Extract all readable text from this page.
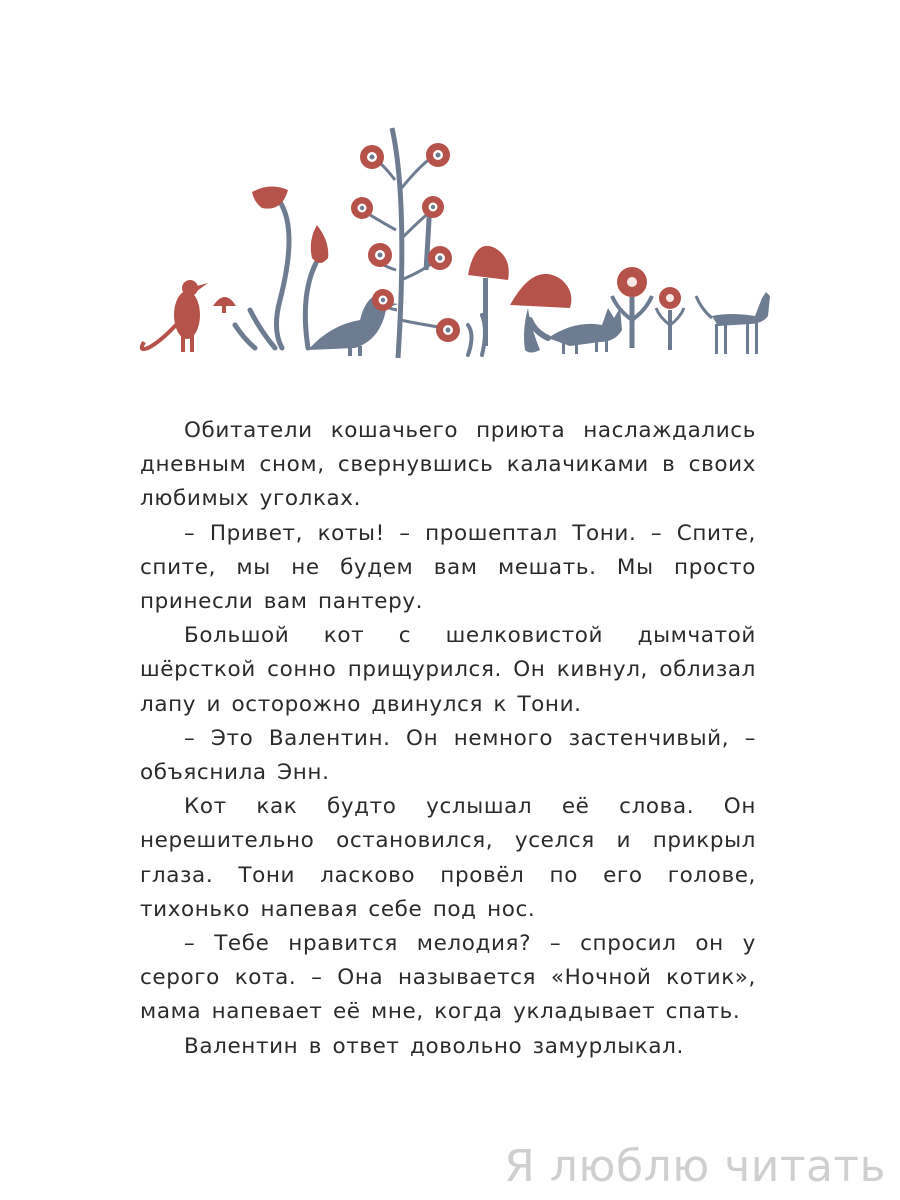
Обитатели кошачьего приюта наслаждались дневным сном, свернувшись калачиками в своих любимых уголках.

– Привет, коты! – прошептал Тони. – Спите, спите, мы не будем вам мешать. Мы просто принесли вам пантеру.

Большой кот с шелковистой дымчатой шёрсткой сонно прищурился. Он кивнул, облизал лапу и осторожно двинулся к Тони.

– Это Валентин. Он немного застенчивый, – объяснила Энн.

Кот как будто услышал её слова. Он нерешительно остановился, уселся и прикрыл глаза. Тони ласково провёл по его голове, тихонько напевая себе под нос.

– Тебе нравится мелодия? – спросил он у серого кота. – Она называется «Ночной котик», мама напевает её мне, когда укладывает спать.

Валентин в ответ довольно замурлыкал.

Я люблю читать
